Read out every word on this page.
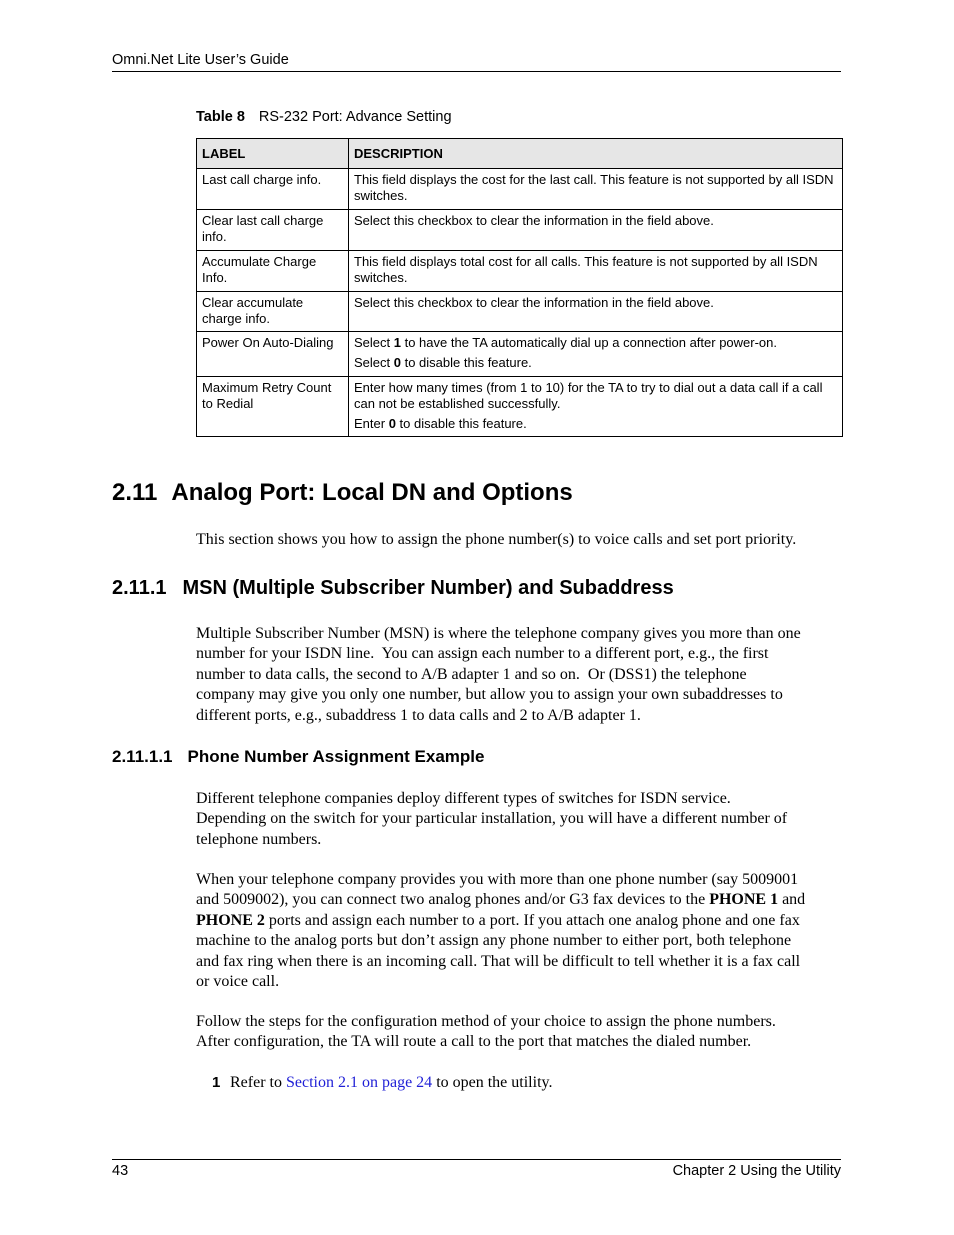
Omni.Net Lite User’s Guide
Table 8 RS-232 Port: Advance Setting
LABEL	DESCRIPTION
Last call charge info.	This field displays the cost for the last call. This feature is not supported by all ISDN switches.

Clear last call charge info.	Select this checkbox to clear the information in the field above.

Accumulate Charge Info.	This field displays total cost for all calls. This feature is not supported by all ISDN switches.

Clear accumulate charge info.	Select this checkbox to clear the information in the field above.

Power On Auto-Dialing	Select 1 to have the TA automatically dial up a connection after power-on.

Select 0 to disable this feature.

Maximum Retry Count to Redial	Enter how many times (from 1 to 10) for the TA to try to dial out a data call if a call can not be established successfully.

Enter 0 to disable this feature.

2.11 Analog Port: Local DN and Options
This section shows you how to assign the phone number(s) to voice calls and set port priority.
2.11.1 MSN (Multiple Subscriber Number) and Subaddress
Multiple Subscriber Number (MSN) is where the telephone company gives you more than one
number for your ISDN line.  You can assign each number to a different port, e.g., the first
number to data calls, the second to A/B adapter 1 and so on.  Or (DSS1) the telephone
company may give you only one number, but allow you to assign your own subaddresses to
different ports, e.g., subaddress 1 to data calls and 2 to A/B adapter 1.
2.11.1.1 Phone Number Assignment Example
Different telephone companies deploy different types of switches for ISDN service.
Depending on the switch for your particular installation, you will have a different number of
telephone numbers.
When your telephone company provides you with more than one phone number (say 5009001
and 5009002), you can connect two analog phones and/or G3 fax devices to the PHONE 1 and
PHONE 2 ports and assign each number to a port. If you attach one analog phone and one fax
machine to the analog ports but don’t assign any phone number to either port, both telephone
and fax ring when there is an incoming call. That will be difficult to tell whether it is a fax call
or voice call.
Follow the steps for the configuration method of your choice to assign the phone numbers.
After configuration, the TA will route a call to the port that matches the dialed number.
1 Refer to Section 2.1 on page 24 to open the utility.
43	Chapter 2 Using the Utility
